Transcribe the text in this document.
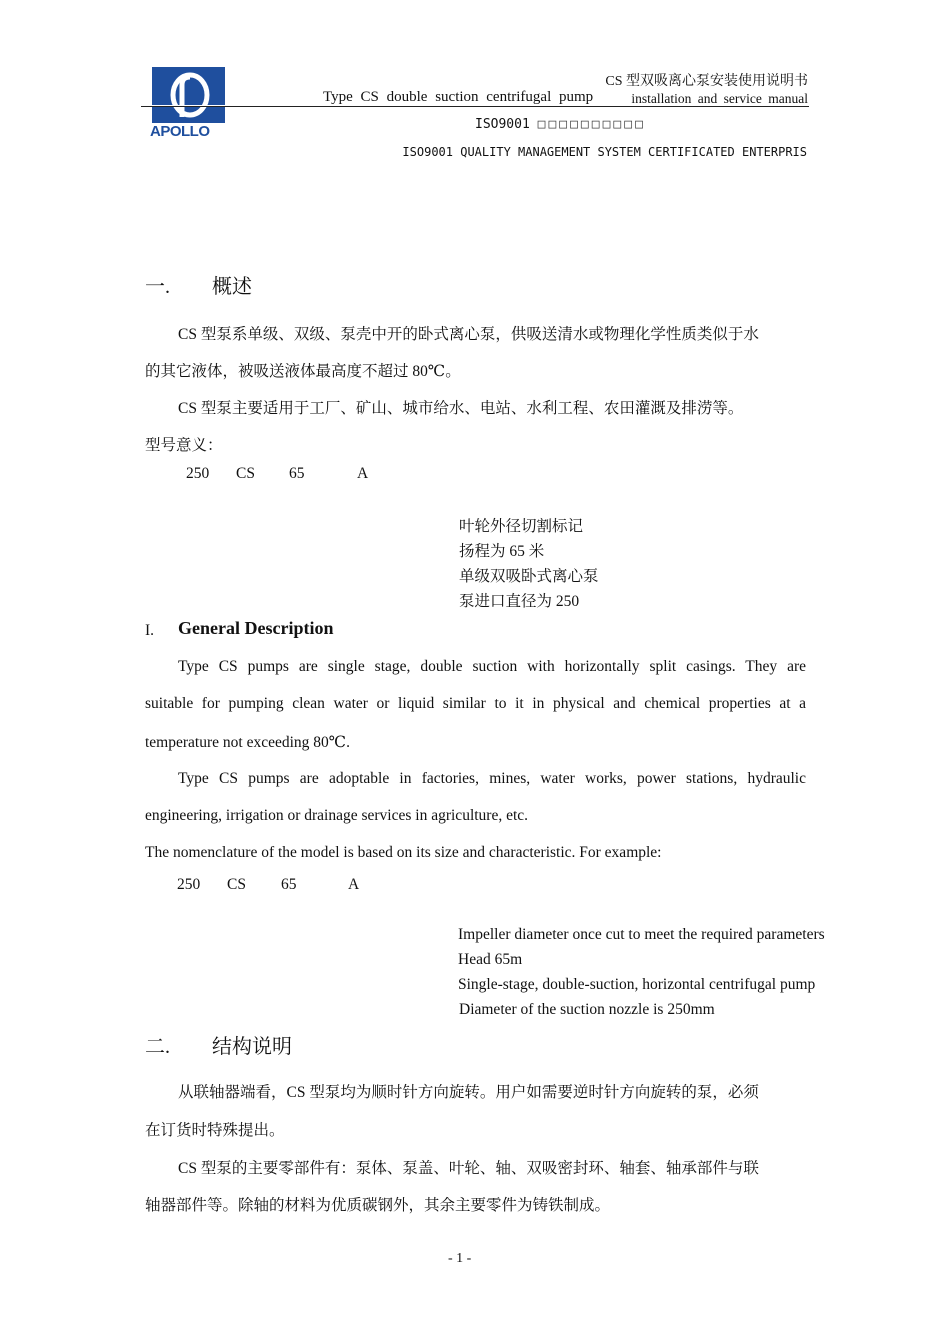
APOLLO
CS 型双吸离心泵安装使用说明书
Type CS double suction centrifugal pump	installation and service manual
ISO9001 □□□□□□□□□□
ISO9001 QUALITY MANAGEMENT SYSTEM CERTIFICATED ENTERPRIS
一. 概述
CS 型泵系单级、双级、泵壳中开的卧式离心泵，供吸送清水或物理化学性质类似于水
的其它液体，被吸送液体最高度不超过 80℃。
CS 型泵主要适用于工厂、矿山、城市给水、电站、水利工程、农田灌溉及排涝等。
型号意义：
250 CS 65	A
叶轮外径切割标记
扬程为 65 米
单级双吸卧式离心泵
泵进口直径为 250
I. General Description
Type CS pumps are single stage, double suction with horizontally split casings. They are
suitable for pumping clean water or liquid similar to it in physical and chemical properties at a
temperature not exceeding 80℃.
Type CS pumps are adoptable in factories, mines, water works, power stations, hydraulic
engineering, irrigation or drainage services in agriculture, etc.
The nomenclature of the model is based on its size and characteristic. For example:
250 CS 65	A
Impeller diameter once cut to meet the required parameters
Head 65m
Single-stage, double-suction, horizontal centrifugal pump
Diameter of the suction nozzle is 250mm
二. 结构说明
从联轴器端看，CS 型泵均为顺时针方向旋转。用户如需要逆时针方向旋转的泵，必须
在订货时特殊提出。
CS 型泵的主要零部件有：泵体、泵盖、叶轮、轴、双吸密封环、轴套、轴承部件与联
轴器部件等。除轴的材料为优质碳钢外，其余主要零件为铸铁制成。
- 1 -
